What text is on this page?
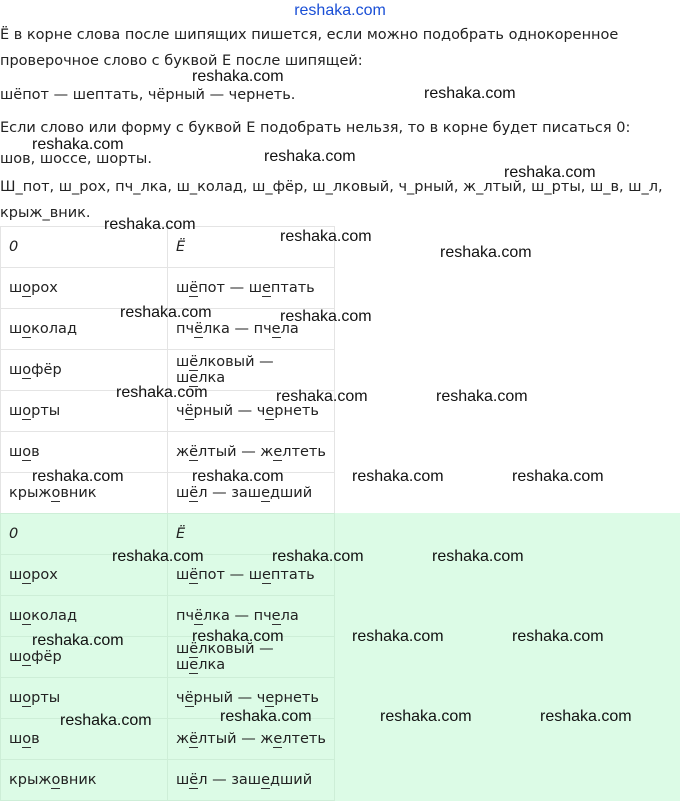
reshaka.com

Ё в корне слова после шипящих пишется, если можно подобрать однокоренное проверочное слово с буквой Е после шипящей:

шёпот — шептать, чёрный — чернеть.

Если слово или форму с буквой Е подобрать нельзя, то в корне будет писаться 0:

шов, шоссе, шорты.

Ш_пот, ш_рох, пч_лка, ш_колад, ш_фёр, ш_лковый, ч_рный, ж_лтый, ш_рты, ш_в, ш_л, крыж_вник.

0	Ё
шорох	шёпот — шептать
шоколад	пчёлка — пчела
шофёр	шёлковый — шелка
шорты	чёрный — чернеть
шов	жёлтый — желтеть
крыжовник	шёл — зашедший
0	Ё
шорох	шёпот — шептать
шоколад	пчёлка — пчела
шофёр	шёлковый — шелка
шорты	чёрный — чернеть
шов	жёлтый — желтеть
крыжовник	шёл — зашедший
reshaka.com
reshaka.com
reshaka.com
reshaka.com
reshaka.com
reshaka.com
reshaka.com
reshaka.com
reshaka.com	reshaka.com
reshaka.com	reshaka.com	reshaka.com
reshaka.com	reshaka.com	reshaka.com	reshaka.com
reshaka.com	reshaka.com	reshaka.com
reshaka.com	reshaka.com	reshaka.com	reshaka.com
reshaka.com	reshaka.com	reshaka.com	reshaka.com
